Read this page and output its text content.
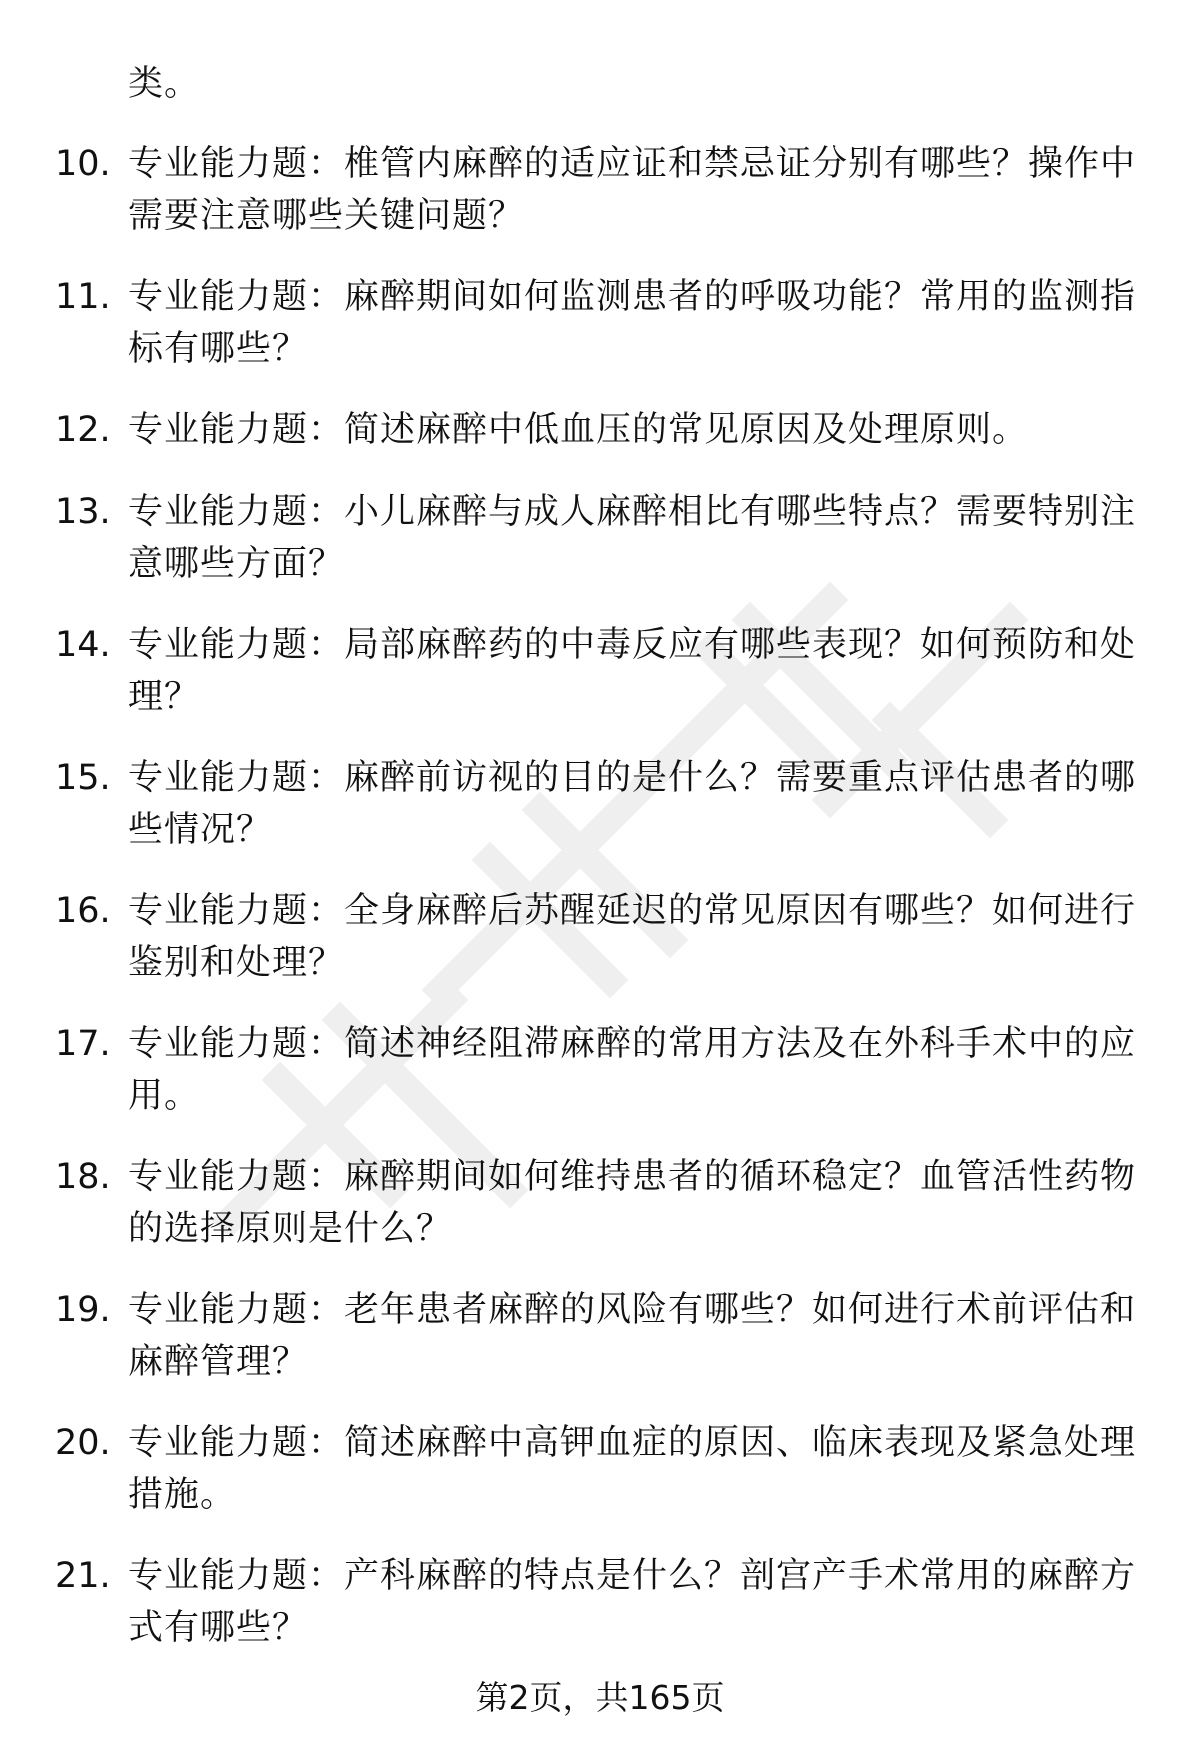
类。
10. 专业能力题：椎管内麻醉的适应证和禁忌证分别有哪些？操作中需要注意哪些关键问题？
11. 专业能力题：麻醉期间如何监测患者的呼吸功能？常用的监测指标有哪些？
12. 专业能力题：简述麻醉中低血压的常见原因及处理原则。
13. 专业能力题：小儿麻醉与成人麻醉相比有哪些特点？需要特别注意哪些方面？
14. 专业能力题：局部麻醉药的中毒反应有哪些表现？如何预防和处理？
15. 专业能力题：麻醉前访视的目的是什么？需要重点评估患者的哪些情况？
16. 专业能力题：全身麻醉后苏醒延迟的常见原因有哪些？如何进行鉴别和处理？
17. 专业能力题：简述神经阻滞麻醉的常用方法及在外科手术中的应用。
18. 专业能力题：麻醉期间如何维持患者的循环稳定？血管活性药物的选择原则是什么？
19. 专业能力题：老年患者麻醉的风险有哪些？如何进行术前评估和麻醉管理？
20. 专业能力题：简述麻醉中高钾血症的原因、临床表现及紧急处理措施。
21. 专业能力题：产科麻醉的特点是什么？剖宫产手术常用的麻醉方式有哪些？
第2页，共165页
